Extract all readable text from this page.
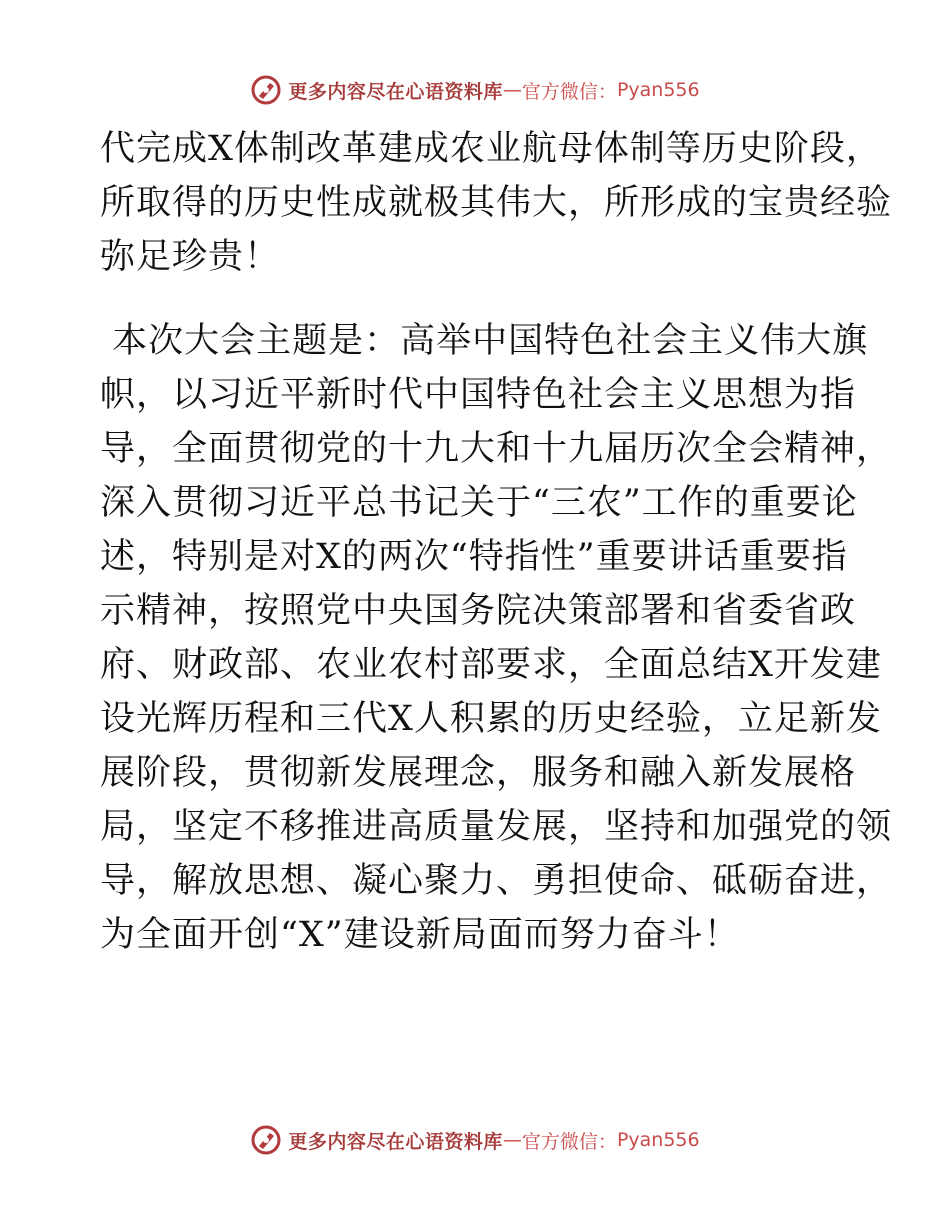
更多内容尽在心语资料库 — 官方微信： Pyan556
代完成X体制改革建成农业航母体制等历史阶段，
所取得的历史性成就极其伟大，所形成的宝贵经验
弥足珍贵！
本次大会主题是：高举中国特色社会主义伟大旗
帜，以习近平新时代中国特色社会主义思想为指
导，全面贯彻党的十九大和十九届历次全会精神，
深入贯彻习近平总书记关于“三农”工作的重要论
述，特别是对X的两次“特指性”重要讲话重要指
示精神，按照党中央国务院决策部署和省委省政
府、财政部、农业农村部要求，全面总结X开发建
设光辉历程和三代X人积累的历史经验，立足新发
展阶段，贯彻新发展理念，服务和融入新发展格
局，坚定不移推进高质量发展，坚持和加强党的领
导，解放思想、凝心聚力、勇担使命、砥砺奋进，
为全面开创“X”建设新局面而努力奋斗！
更多内容尽在心语资料库 — 官方微信： Pyan556
